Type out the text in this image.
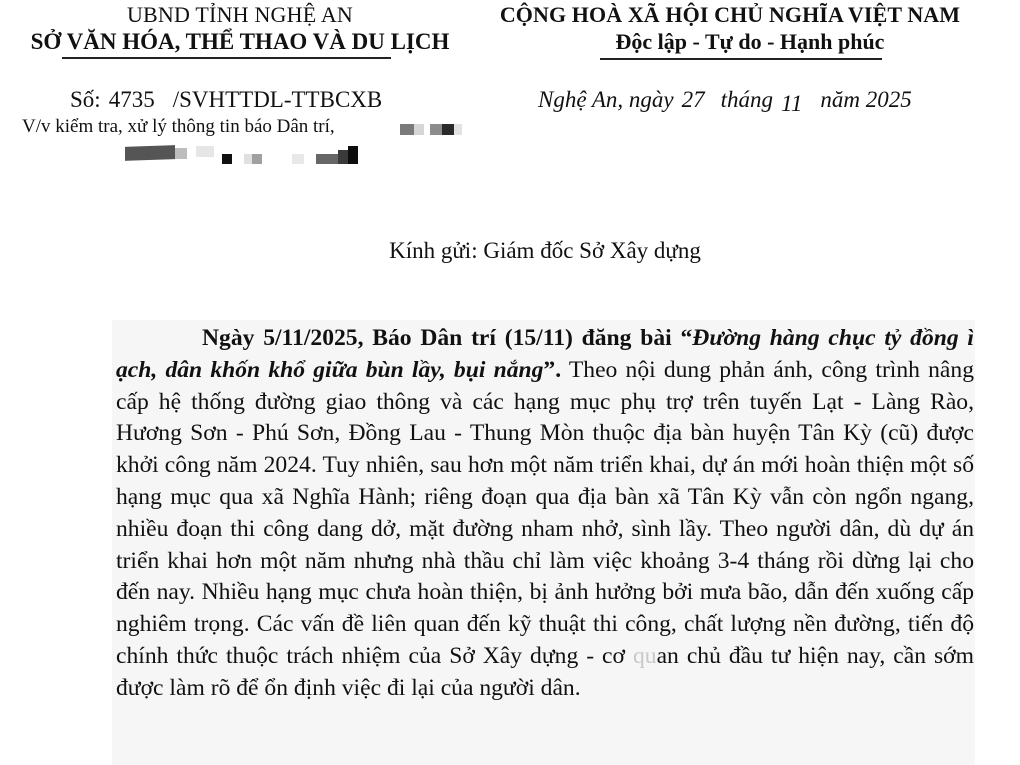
UBND TỈNH NGHỆ AN
SỞ VĂN HÓA, THỂ THAO VÀ DU LỊCH
CỘNG HOÀ XÃ HỘI CHỦ NGHĨA VIỆT NAM
Độc lập - Tự do - Hạnh phúc
Số: 4735 /SVHTTDL-TTBCXB
V/v kiểm tra, xử lý thông tin báo Dân trí,
Nghệ An, ngày 27 tháng 11 năm 2025
Kính gửi: Giám đốc Sở Xây dựng

Ngày 5/11/2025, Báo Dân trí (15/11) đăng bài “Đường hàng chục tỷ đồng ì ạch, dân khốn khổ giữa bùn lầy, bụi nắng”. Theo nội dung phản ánh, công trình nâng cấp hệ thống đường giao thông và các hạng mục phụ trợ trên tuyến Lạt - Làng Rào, Hương Sơn - Phú Sơn, Đồng Lau - Thung Mòn thuộc địa bàn huyện Tân Kỳ (cũ) được khởi công năm 2024. Tuy nhiên, sau hơn một năm triển khai, dự án mới hoàn thiện một số hạng mục qua xã Nghĩa Hành; riêng đoạn qua địa bàn xã Tân Kỳ vẫn còn ngổn ngang, nhiều đoạn thi công dang dở, mặt đường nham nhở, sình lầy. Theo người dân, dù dự án triển khai hơn một năm nhưng nhà thầu chỉ làm việc khoảng 3-4 tháng rồi dừng lại cho đến nay. Nhiều hạng mục chưa hoàn thiện, bị ảnh hưởng bởi mưa bão, dẫn đến xuống cấp nghiêm trọng. Các vấn đề liên quan đến kỹ thuật thi công, chất lượng nền đường, tiến độ chính thức thuộc trách nhiệm của Sở Xây dựng - cơ quan chủ đầu tư hiện nay, cần sớm được làm rõ để ổn định việc đi lại của người dân.
